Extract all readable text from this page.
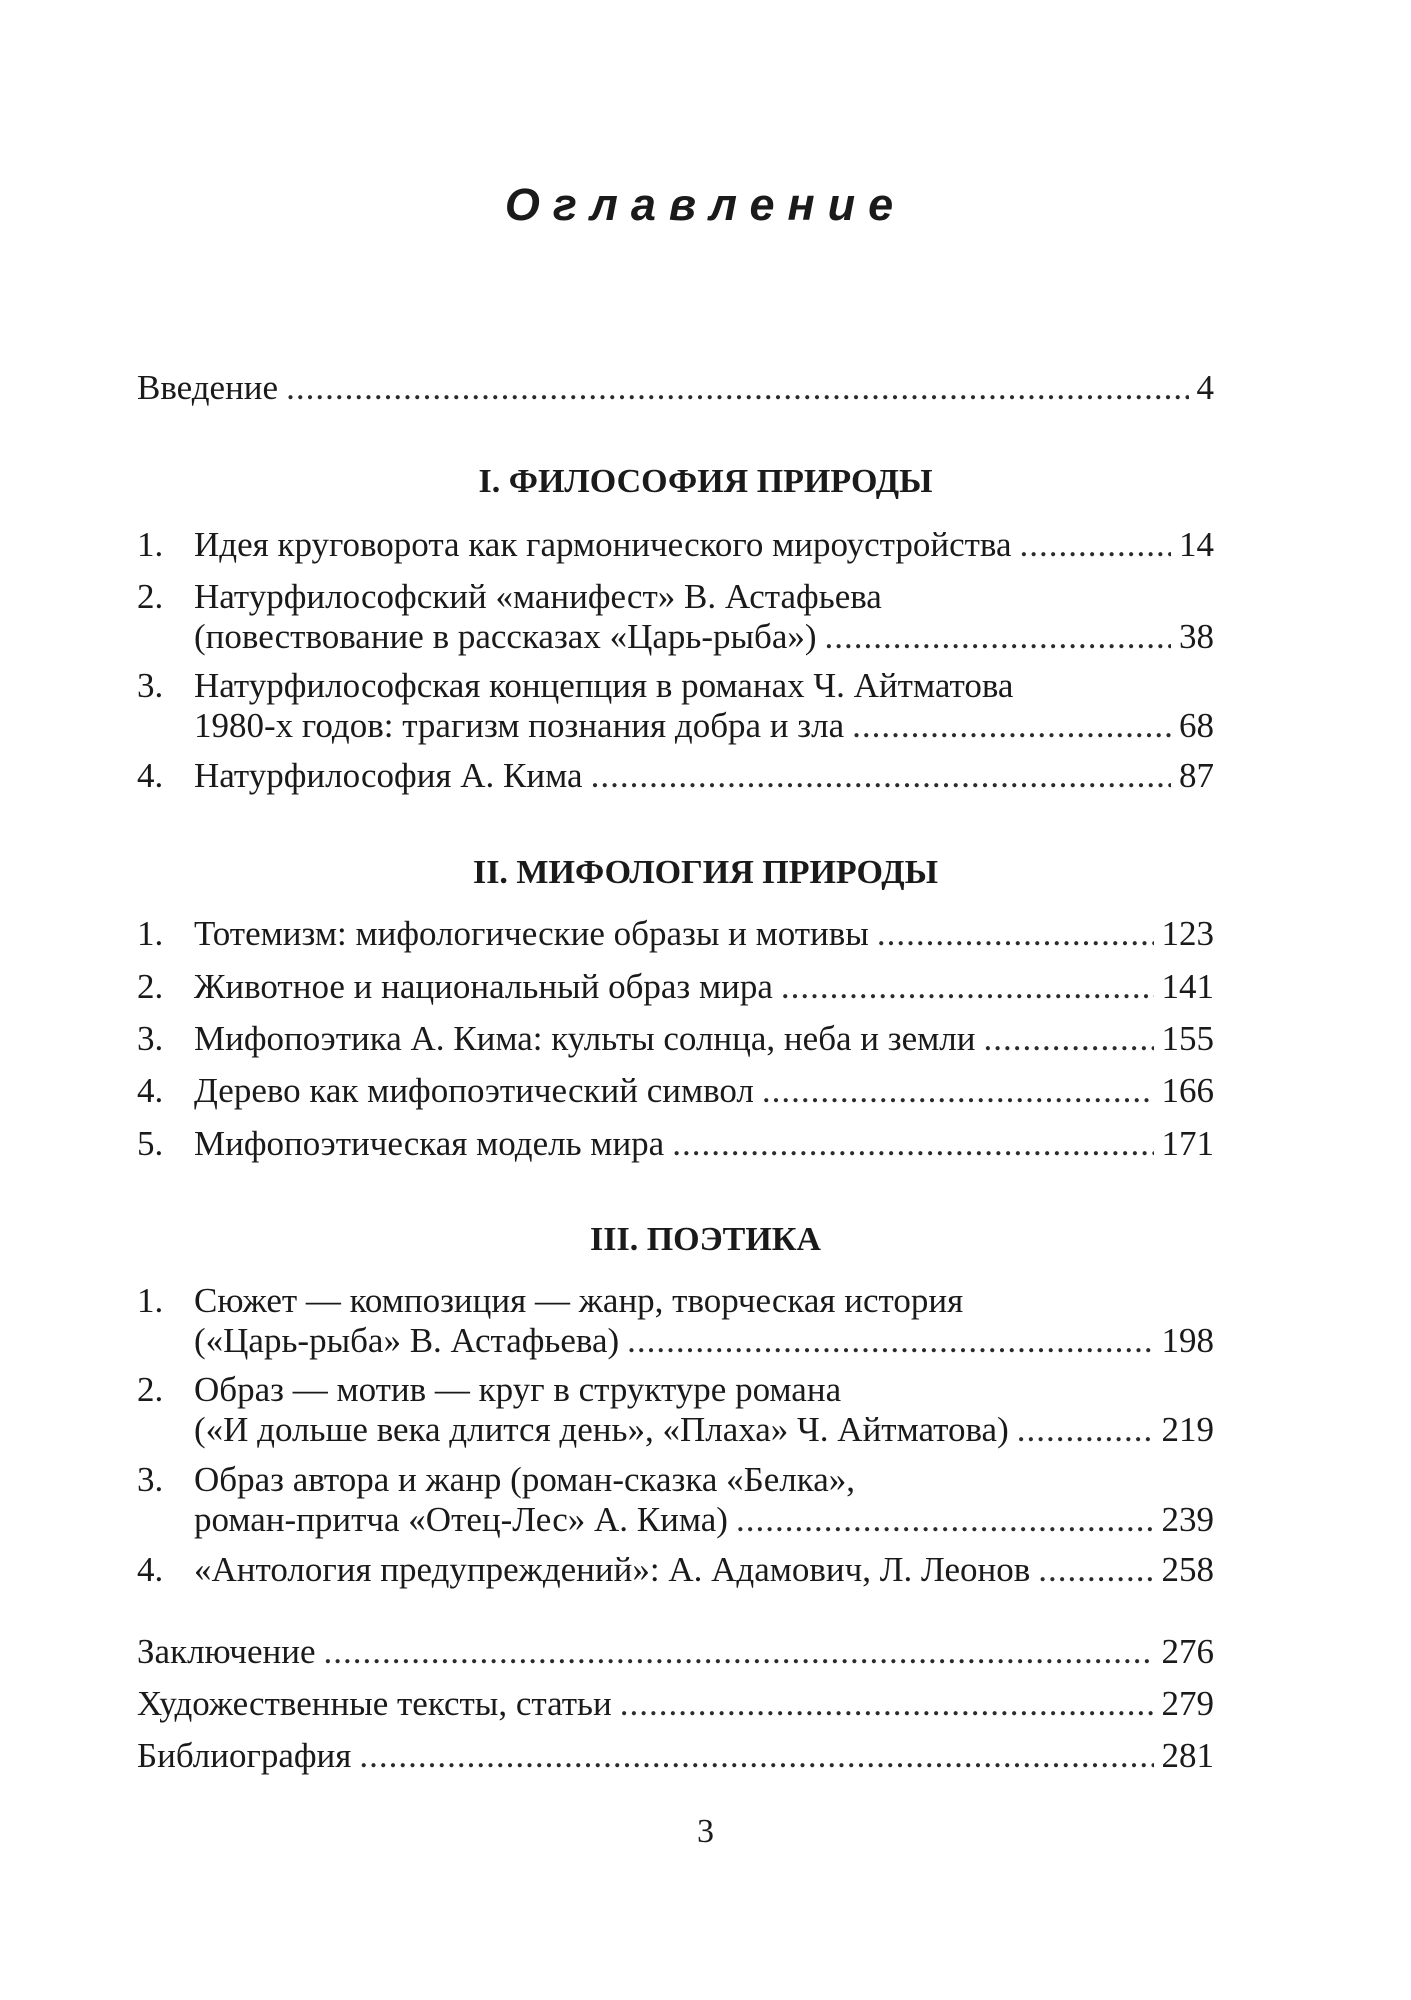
Оглавление
Введение .....	4
I. ФИЛОСОФИЯ ПРИРОДЫ
1. Идея круговорота как гармонического мироустройства .....	14
2. Натурфилософский «манифест» В. Астафьева
(повествование в рассказах «Царь-рыба») .....	38
3. Натурфилософская концепция в романах Ч. Айтматова
1980-х годов: трагизм познания добра и зла .....	68
4. Натурфилософия А. Кима .....	87
II. МИФОЛОГИЯ ПРИРОДЫ
1. Тотемизм: мифологические образы и мотивы .....	123
2. Животное и национальный образ мира .....	141
3. Мифопоэтика А. Кима: культы солнца, неба и земли .....	155
4. Дерево как мифопоэтический символ .....	166
5. Мифопоэтическая модель мира .....	171
III. ПОЭТИКА
1. Сюжет — композиция — жанр, творческая история
(«Царь-рыба» В. Астафьева) .....	198
2. Образ — мотив — круг в структуре романа
(«И дольше века длится день», «Плаха» Ч. Айтматова) .....	219
3. Образ автора и жанр (роман-сказка «Белка»,
роман-притча «Отец-Лес» А. Кима) .....	239
4. «Антология предупреждений»: А. Адамович, Л. Леонов .....	258
Заключение .....	276
Художественные тексты, статьи .....	279
Библиография .....	281
3
